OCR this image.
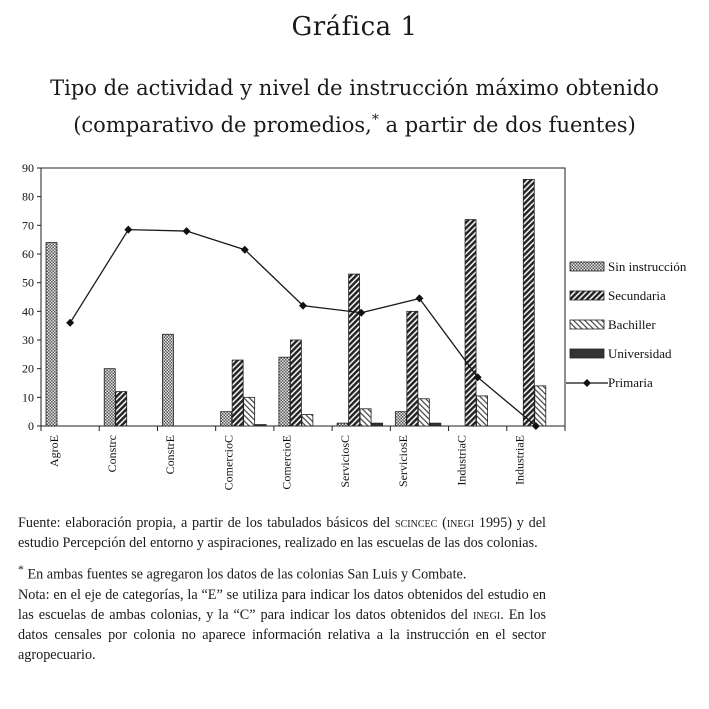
Gráfica 1
Tipo de actividad y nivel de instrucción máximo obtenido
(comparativo de promedios,* a partir de dos fuentes)
0
10
20
30
40
50
60
70
80
90
AgroE	Constrc	ConstrE	ComercioC	ComercioE	ServiciosC	ServiciosE	IndustriaC	IndustriaE
Sin instrucción
Secundaria
Bachiller
Universidad
Primaria

Fuente: elaboración propia, a partir de los tabulados básicos del scincec (inegi 1995) y del estudio Percepción del entorno y aspiraciones, realizado en las escuelas de las dos colonias.

* En ambas fuentes se agregaron los datos de las colonias San Luis y Combate.

Nota: en el eje de categorías, la “E” se utiliza para indicar los datos obtenidos del estudio en las escuelas de ambas colonias, y la “C” para indicar los datos obtenidos del inegi. En los datos censales por colonia no aparece información relativa a la instrucción en el sector agropecuario.
